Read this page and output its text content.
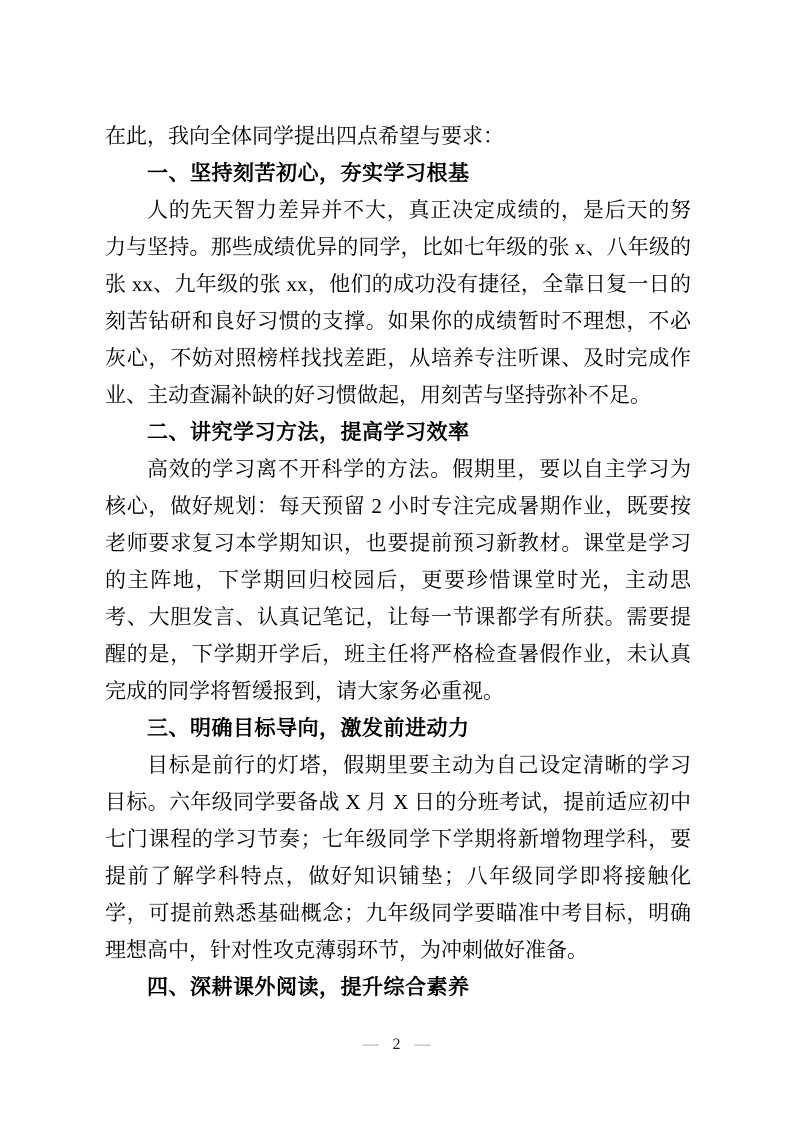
在此，我向全体同学提出四点希望与要求：

一、坚持刻苦初心，夯实学习根基

人的先天智力差异并不大，真正决定成绩的，是后天的努力与坚持。那些成绩优异的同学，比如七年级的张 x、八年级的张 xx、九年级的张 xx，他们的成功没有捷径，全靠日复一日的刻苦钻研和良好习惯的支撑。如果你的成绩暂时不理想，不必灰心，不妨对照榜样找找差距，从培养专注听课、及时完成作业、主动查漏补缺的好习惯做起，用刻苦与坚持弥补不足。

二、讲究学习方法，提高学习效率

高效的学习离不开科学的方法。假期里，要以自主学习为核心，做好规划：每天预留 2 小时专注完成暑期作业，既要按老师要求复习本学期知识，也要提前预习新教材。课堂是学习的主阵地，下学期回归校园后，更要珍惜课堂时光，主动思考、大胆发言、认真记笔记，让每一节课都学有所获。需要提醒的是，下学期开学后，班主任将严格检查暑假作业，未认真完成的同学将暂缓报到，请大家务必重视。

三、明确目标导向，激发前进动力

目标是前行的灯塔，假期里要主动为自己设定清晰的学习目标。六年级同学要备战 X 月 X 日的分班考试，提前适应初中七门课程的学习节奏；七年级同学下学期将新增物理学科，要提前了解学科特点，做好知识铺垫；八年级同学即将接触化学，可提前熟悉基础概念；九年级同学要瞄准中考目标，明确理想高中，针对性攻克薄弱环节，为冲刺做好准备。

四、深耕课外阅读，提升综合素养

— 2 —
